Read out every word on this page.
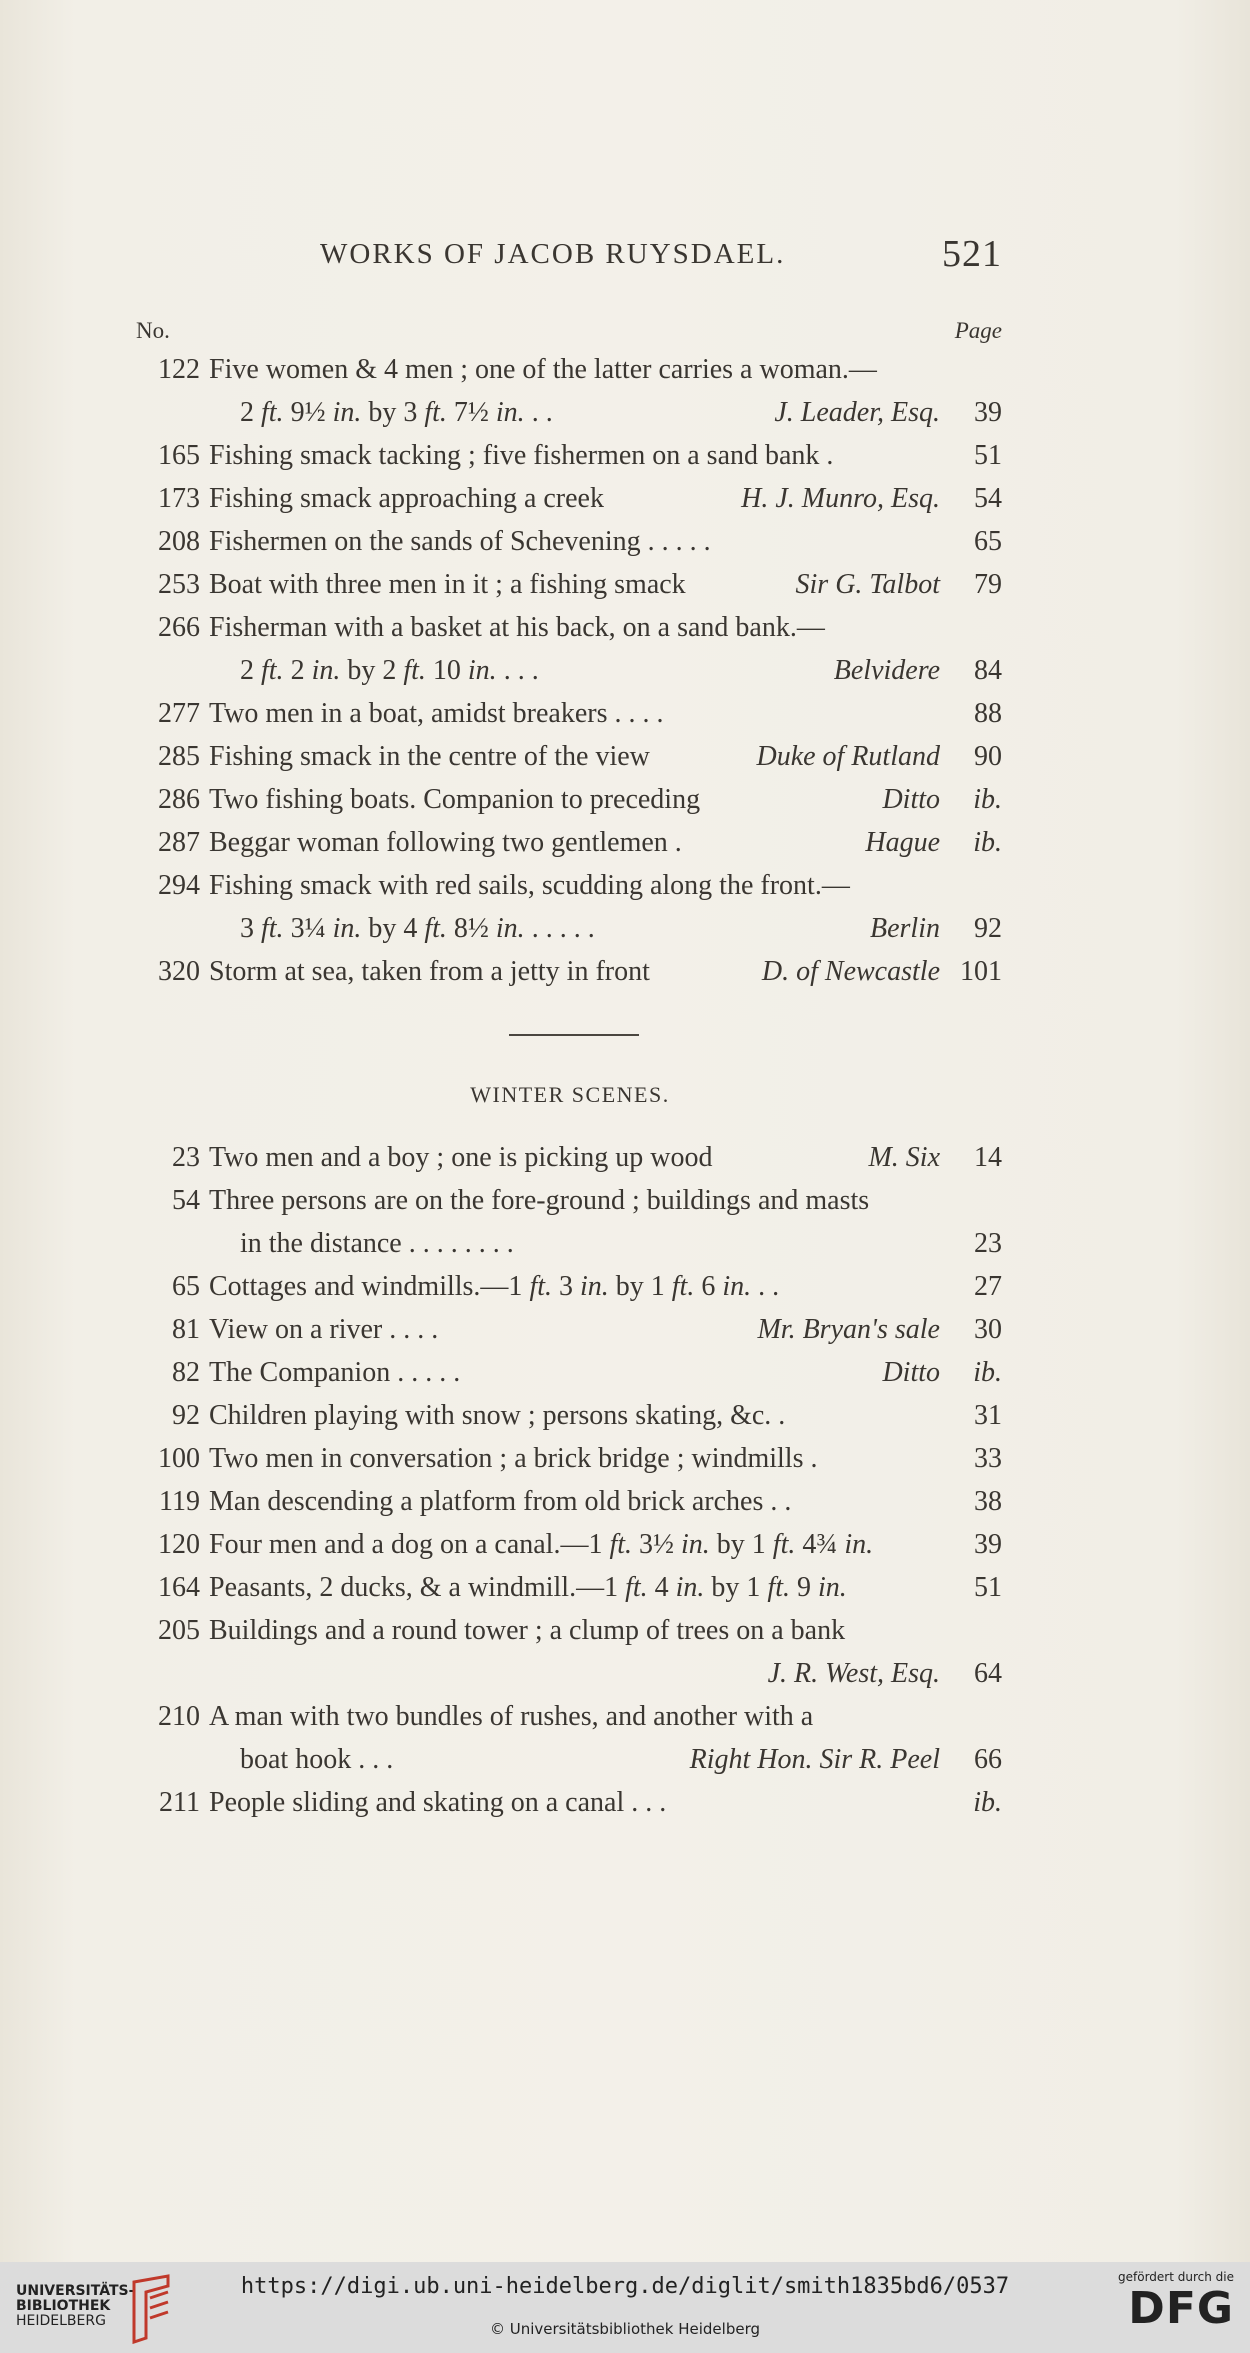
WORKS OF JACOB RUYSDAEL.	521
No.	Page
122 Five women & 4 men ; one of the latter carries a woman.—
2 ft. 9½ in. by 3 ft. 7½ in. . .	J. Leader, Esq. 39
165 Fishing smack tacking ; five fishermen on a sand bank .	51
173 Fishing smack approaching a creek	H. J. Munro, Esq. 54
208 Fishermen on the sands of Schevening . . . . .	65
253 Boat with three men in it ; a fishing smack	Sir G. Talbot 79
266 Fisherman with a basket at his back, on a sand bank.—
2 ft. 2 in. by 2 ft. 10 in. . . .	Belvidere 84
277 Two men in a boat, amidst breakers . . . .	88
285 Fishing smack in the centre of the view	Duke of Rutland 90
286 Two fishing boats. Companion to preceding	Ditto ib.
287 Beggar woman following two gentlemen .	Hague ib.
294 Fishing smack with red sails, scudding along the front.—
3 ft. 3¼ in. by 4 ft. 8½ in. . . . . .	Berlin 92
320 Storm at sea, taken from a jetty in front	D. of Newcastle 101
WINTER SCENES.
23 Two men and a boy ; one is picking up wood	M. Six 14
54 Three persons are on the fore-ground ; buildings and masts
in the distance . . . . . . . .	23
65 Cottages and windmills.—1 ft. 3 in. by 1 ft. 6 in. . .	27
81 View on a river . . . .	Mr. Bryan's sale 30
82 The Companion . . . . .	Ditto ib.
92 Children playing with snow ; persons skating, &c. .	31
100 Two men in conversation ; a brick bridge ; windmills .	33
119 Man descending a platform from old brick arches . .	38
120 Four men and a dog on a canal.—1 ft. 3½ in. by 1 ft. 4¾ in.	39
164 Peasants, 2 ducks, & a windmill.—1 ft. 4 in. by 1 ft. 9 in.	51
205 Buildings and a round tower ; a clump of trees on a bank
J. R. West, Esq. 64
210 A man with two bundles of rushes, and another with a
boat hook . . .	Right Hon. Sir R. Peel 66
211 People sliding and skating on a canal . . .	ib.
UNIVERSITÄTS-
BIBLIOTHEK
HEIDELBERG
https://digi.ub.uni-heidelberg.de/diglit/smith1835bd6/0537
© Universitätsbibliothek Heidelberg
gefördert durch die
DFG
